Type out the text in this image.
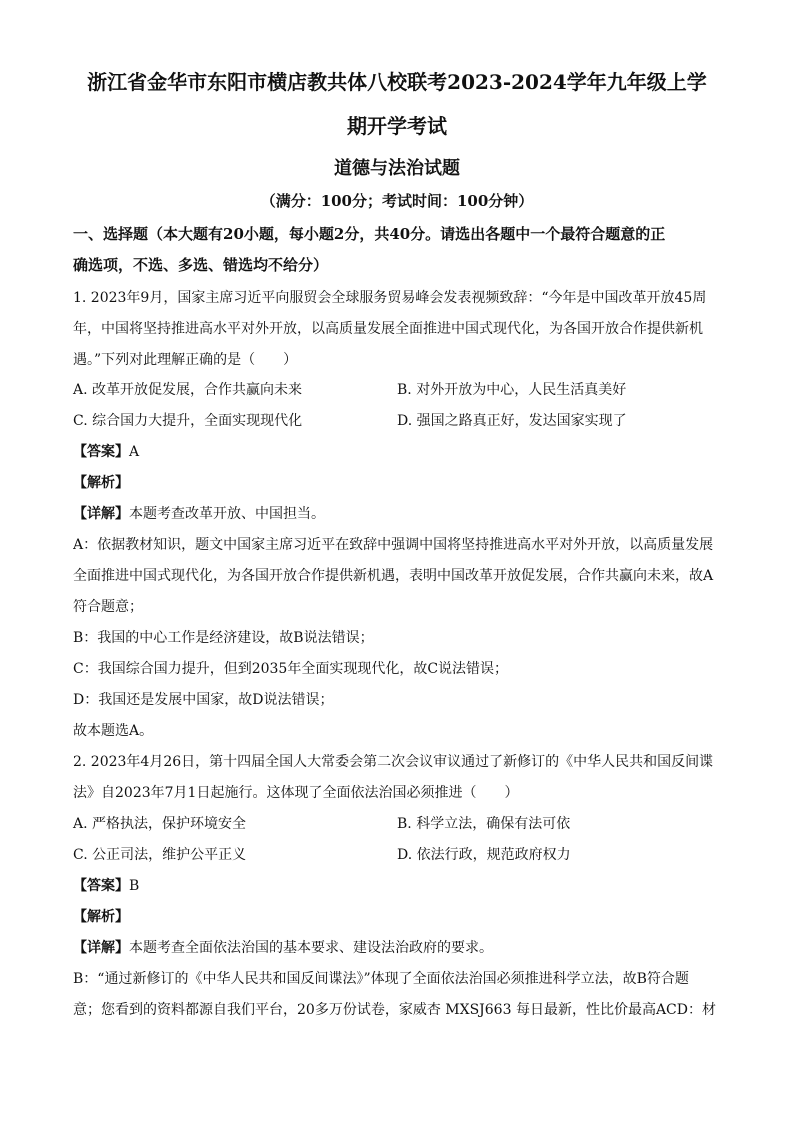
浙江省金华市东阳市横店教共体八校联考2023-2024学年九年级上学
期开学考试
道德与法治试题
（满分：100分；考试时间：100分钟）
一、选择题（本大题有20小题，每小题2分，共40分。请选出各题中一个最符合题意的正
确选项，不选、多选、错选均不给分）
1. 2023年9月，国家主席习近平向服贸会全球服务贸易峰会发表视频致辞：“今年是中国改革开放45周
年，中国将坚持推进高水平对外开放，以高质量发展全面推进中国式现代化，为各国开放合作提供新机
遇。”下列对此理解正确的是（　　）
A. 改革开放促发展，合作共赢向未来	B. 对外开放为中心，人民生活真美好
C. 综合国力大提升，全面实现现代化	D. 强国之路真正好，发达国家实现了
【答案】A
【解析】
【详解】本题考查改革开放、中国担当。
A：依据教材知识，题文中国家主席习近平在致辞中强调中国将坚持推进高水平对外开放，以高质量发展
全面推进中国式现代化，为各国开放合作提供新机遇，表明中国改革开放促发展，合作共赢向未来，故A
符合题意；
B：我国的中心工作是经济建设，故B说法错误；
C：我国综合国力提升，但到2035年全面实现现代化，故C说法错误；
D：我国还是发展中国家，故D说法错误；
故本题选A。
2. 2023年4月26日，第十四届全国人大常委会第二次会议审议通过了新修订的《中华人民共和国反间谍
法》自2023年7月1日起施行。这体现了全面依法治国必须推进（　　）
A. 严格执法，保护环境安全	B. 科学立法，确保有法可依
C. 公正司法，维护公平正义	D. 依法行政，规范政府权力
【答案】B
【解析】
【详解】本题考查全面依法治国的基本要求、建设法治政府的要求。
B：“通过新修订的《中华人民共和国反间谍法》”体现了全面依法治国必须推进科学立法，故B符合题
意；您看到的资料都源自我们平台，20多万份试卷，家威杏 MXSJ663 每日最新，性比价最高ACD：材
